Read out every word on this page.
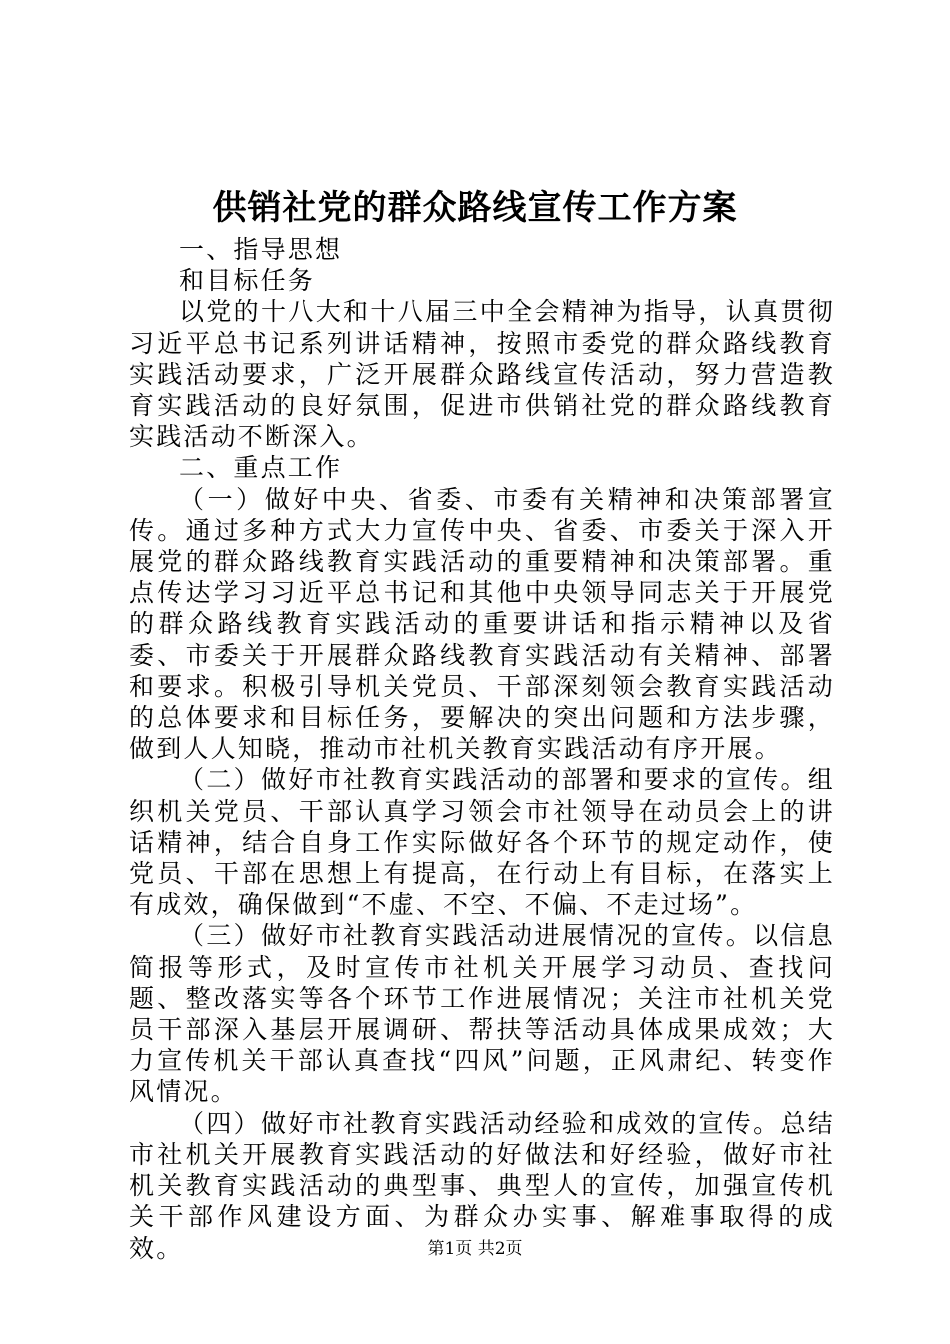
供销社党的群众路线宣传工作方案

一、指导思想

和目标任务

以党的十八大和十八届三中全会精神为指导，认真贯彻习近平总书记系列讲话精神，按照市委党的群众路线教育实践活动要求，广泛开展群众路线宣传活动，努力营造教育实践活动的良好氛围，促进市供销社党的群众路线教育实践活动不断深入。

二、重点工作

（一）做好中央、省委、市委有关精神和决策部署宣传。通过多种方式大力宣传中央、省委、市委关于深入开展党的群众路线教育实践活动的重要精神和决策部署。重点传达学习习近平总书记和其他中央领导同志关于开展党的群众路线教育实践活动的重要讲话和指示精神以及省委、市委关于开展群众路线教育实践活动有关精神、部署和要求。积极引导机关党员、干部深刻领会教育实践活动的总体要求和目标任务，要解决的突出问题和方法步骤，做到人人知晓，推动市社机关教育实践活动有序开展。

（二）做好市社教育实践活动的部署和要求的宣传。组织机关党员、干部认真学习领会市社领导在动员会上的讲话精神，结合自身工作实际做好各个环节的规定动作，使党员、干部在思想上有提高，在行动上有目标，在落实上有成效，确保做到“不虚、不空、不偏、不走过场”。

（三）做好市社教育实践活动进展情况的宣传。以信息简报等形式，及时宣传市社机关开展学习动员、查找问题、整改落实等各个环节工作进展情况；关注市社机关党员干部深入基层开展调研、帮扶等活动具体成果成效；大力宣传机关干部认真查找“四风”问题，正风肃纪、转变作风情况。

（四）做好市社教育实践活动经验和成效的宣传。总结市社机关开展教育实践活动的好做法和好经验，做好市社机关教育实践活动的典型事、典型人的宣传，加强宣传机关干部作风建设方面、为群众办实事、解难事取得的成效。	第1页 共2页
